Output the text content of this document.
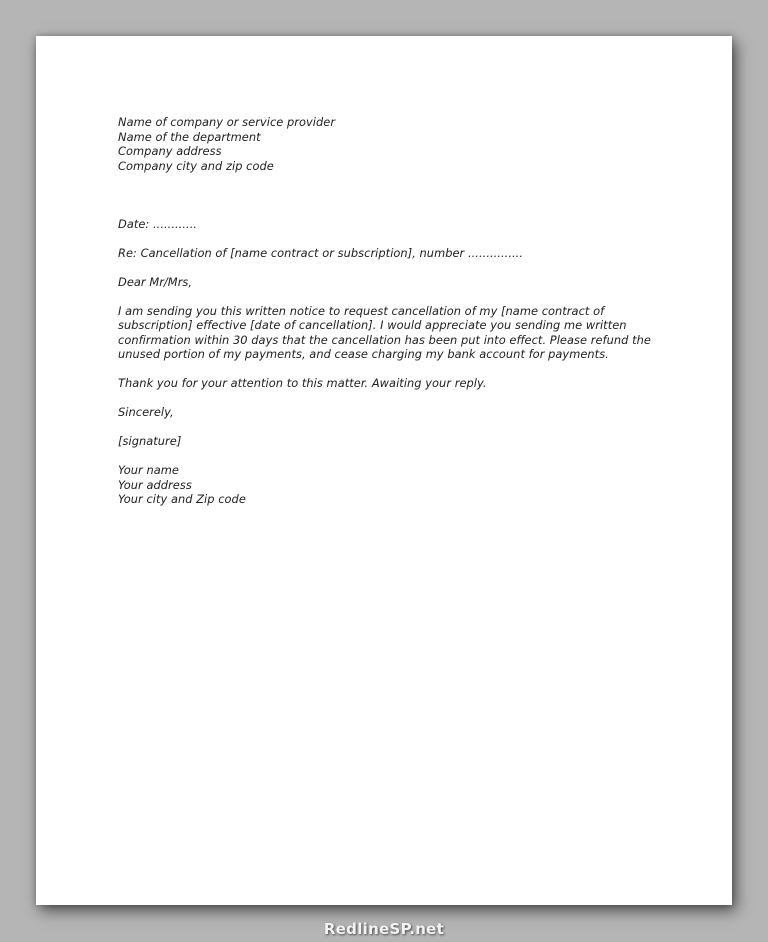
Name of company or service provider
Name of the department
Company address
Company city and zip code
Date: ............
Re: Cancellation of [name contract or subscription], number ...............
Dear Mr/Mrs,
I am sending you this written notice to request cancellation of my [name contract of
subscription] effective [date of cancellation]. I would appreciate you sending me written
confirmation within 30 days that the cancellation has been put into effect. Please refund the
unused portion of my payments, and cease charging my bank account for payments.
Thank you for your attention to this matter. Awaiting your reply.
Sincerely,
[signature]
Your name
Your address
Your city and Zip code
RedlineSP.net
